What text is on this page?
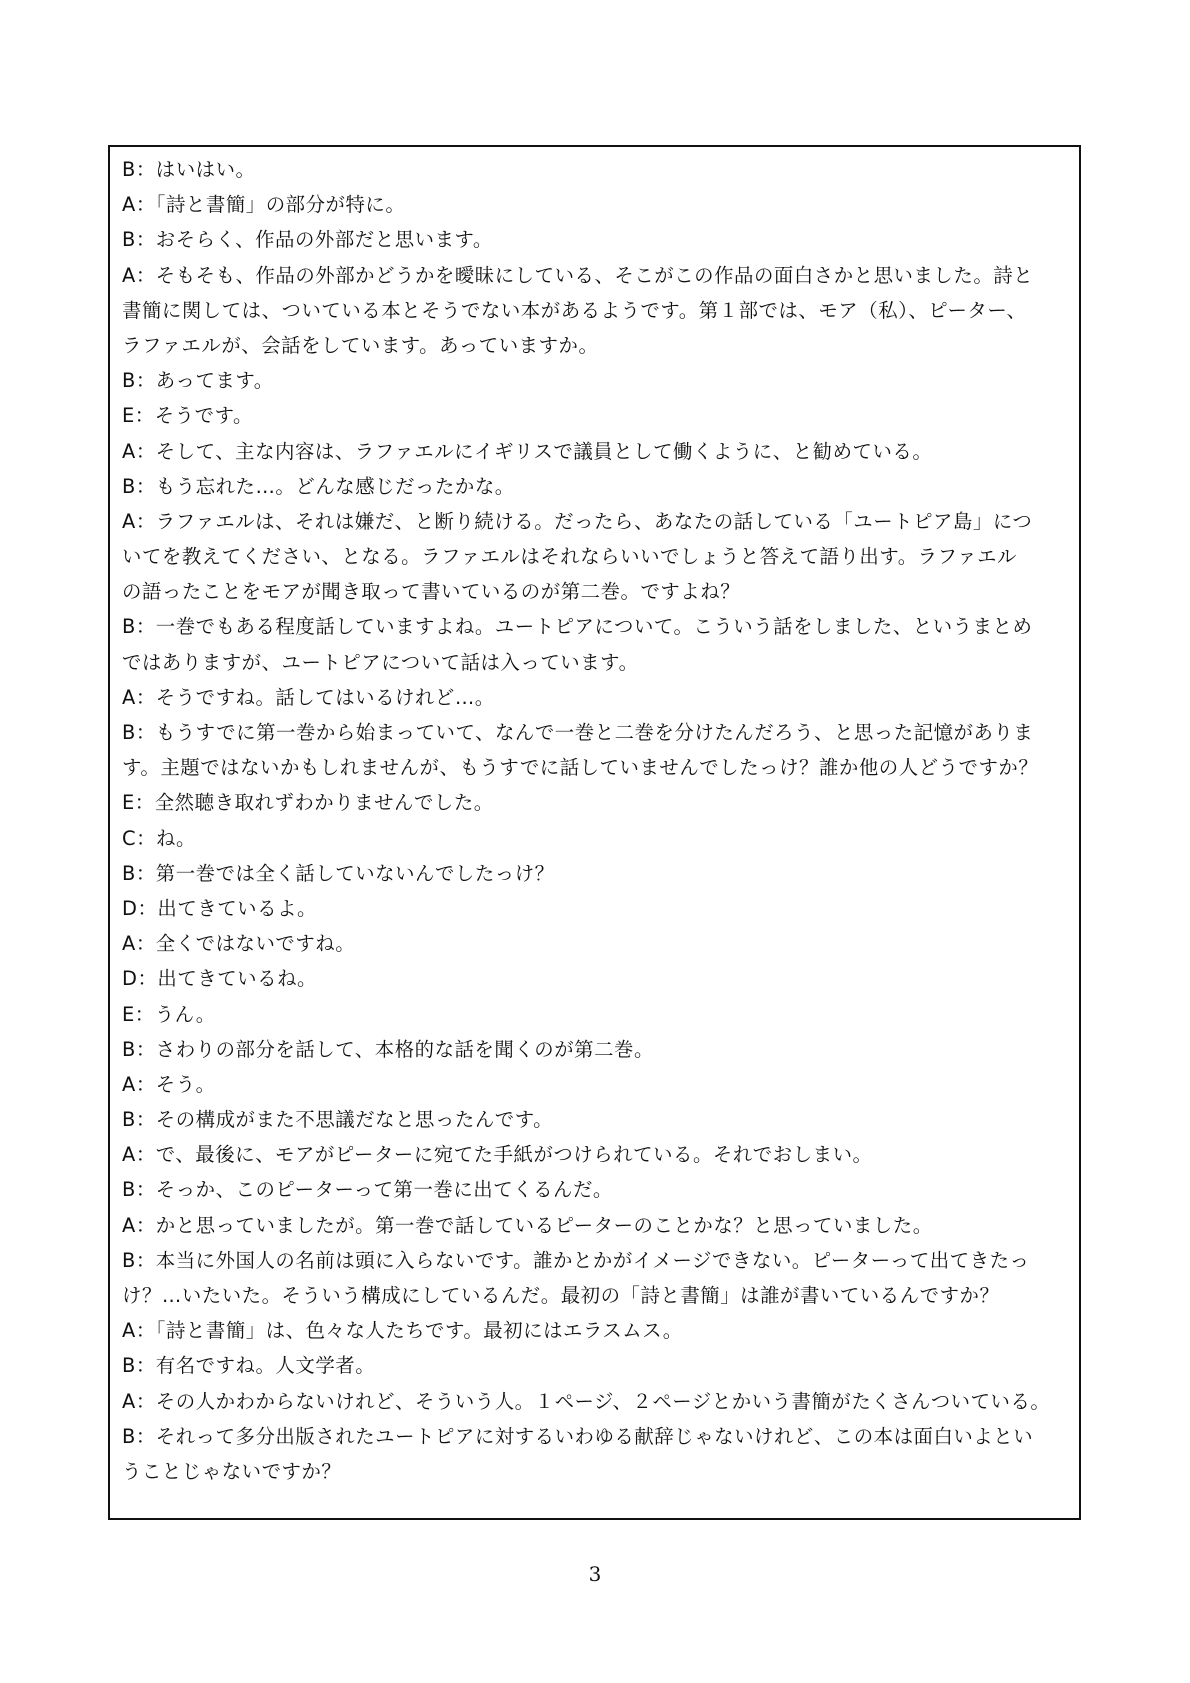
B：はいはい。
A：「詩と書簡」の部分が特に。
B：おそらく、作品の外部だと思います。
A：そもそも、作品の外部かどうかを曖昧にしている、そこがこの作品の面白さかと思いました。詩と
書簡に関しては、ついている本とそうでない本があるようです。第１部では、モア（私）、ピーター、
ラファエルが、会話をしています。あっていますか。
B：あってます。
E：そうです。
A：そして、主な内容は、ラファエルにイギリスで議員として働くように、と勧めている。
B：もう忘れた…。どんな感じだったかな。
A：ラファエルは、それは嫌だ、と断り続ける。だったら、あなたの話している「ユートピア島」につ
いてを教えてください、となる。ラファエルはそれならいいでしょうと答えて語り出す。ラファエル
の語ったことをモアが聞き取って書いているのが第二巻。ですよね？
B：一巻でもある程度話していますよね。ユートピアについて。こういう話をしました、というまとめ
ではありますが、ユートピアについて話は入っています。
A：そうですね。話してはいるけれど…。
B：もうすでに第一巻から始まっていて、なんで一巻と二巻を分けたんだろう、と思った記憶がありま
す。主題ではないかもしれませんが、もうすでに話していませんでしたっけ？誰か他の人どうですか？
E：全然聴き取れずわかりませんでした。
C：ね。
B：第一巻では全く話していないんでしたっけ？
D：出てきているよ。
A：全くではないですね。
D：出てきているね。
E：うん。
B：さわりの部分を話して、本格的な話を聞くのが第二巻。
A：そう。
B：その構成がまた不思議だなと思ったんです。
A：で、最後に、モアがピーターに宛てた手紙がつけられている。それでおしまい。
B：そっか、このピーターって第一巻に出てくるんだ。
A：かと思っていましたが。第一巻で話しているピーターのことかな？と思っていました。
B：本当に外国人の名前は頭に入らないです。誰かとかがイメージできない。ピーターって出てきたっ
け？…いたいた。そういう構成にしているんだ。最初の「詩と書簡」は誰が書いているんですか？
A：「詩と書簡」は、色々な人たちです。最初にはエラスムス。
B：有名ですね。人文学者。
A：その人かわからないけれど、そういう人。１ページ、２ページとかいう書簡がたくさんついている。
B：それって多分出版されたユートピアに対するいわゆる献辞じゃないけれど、この本は面白いよとい
うことじゃないですか？
3
